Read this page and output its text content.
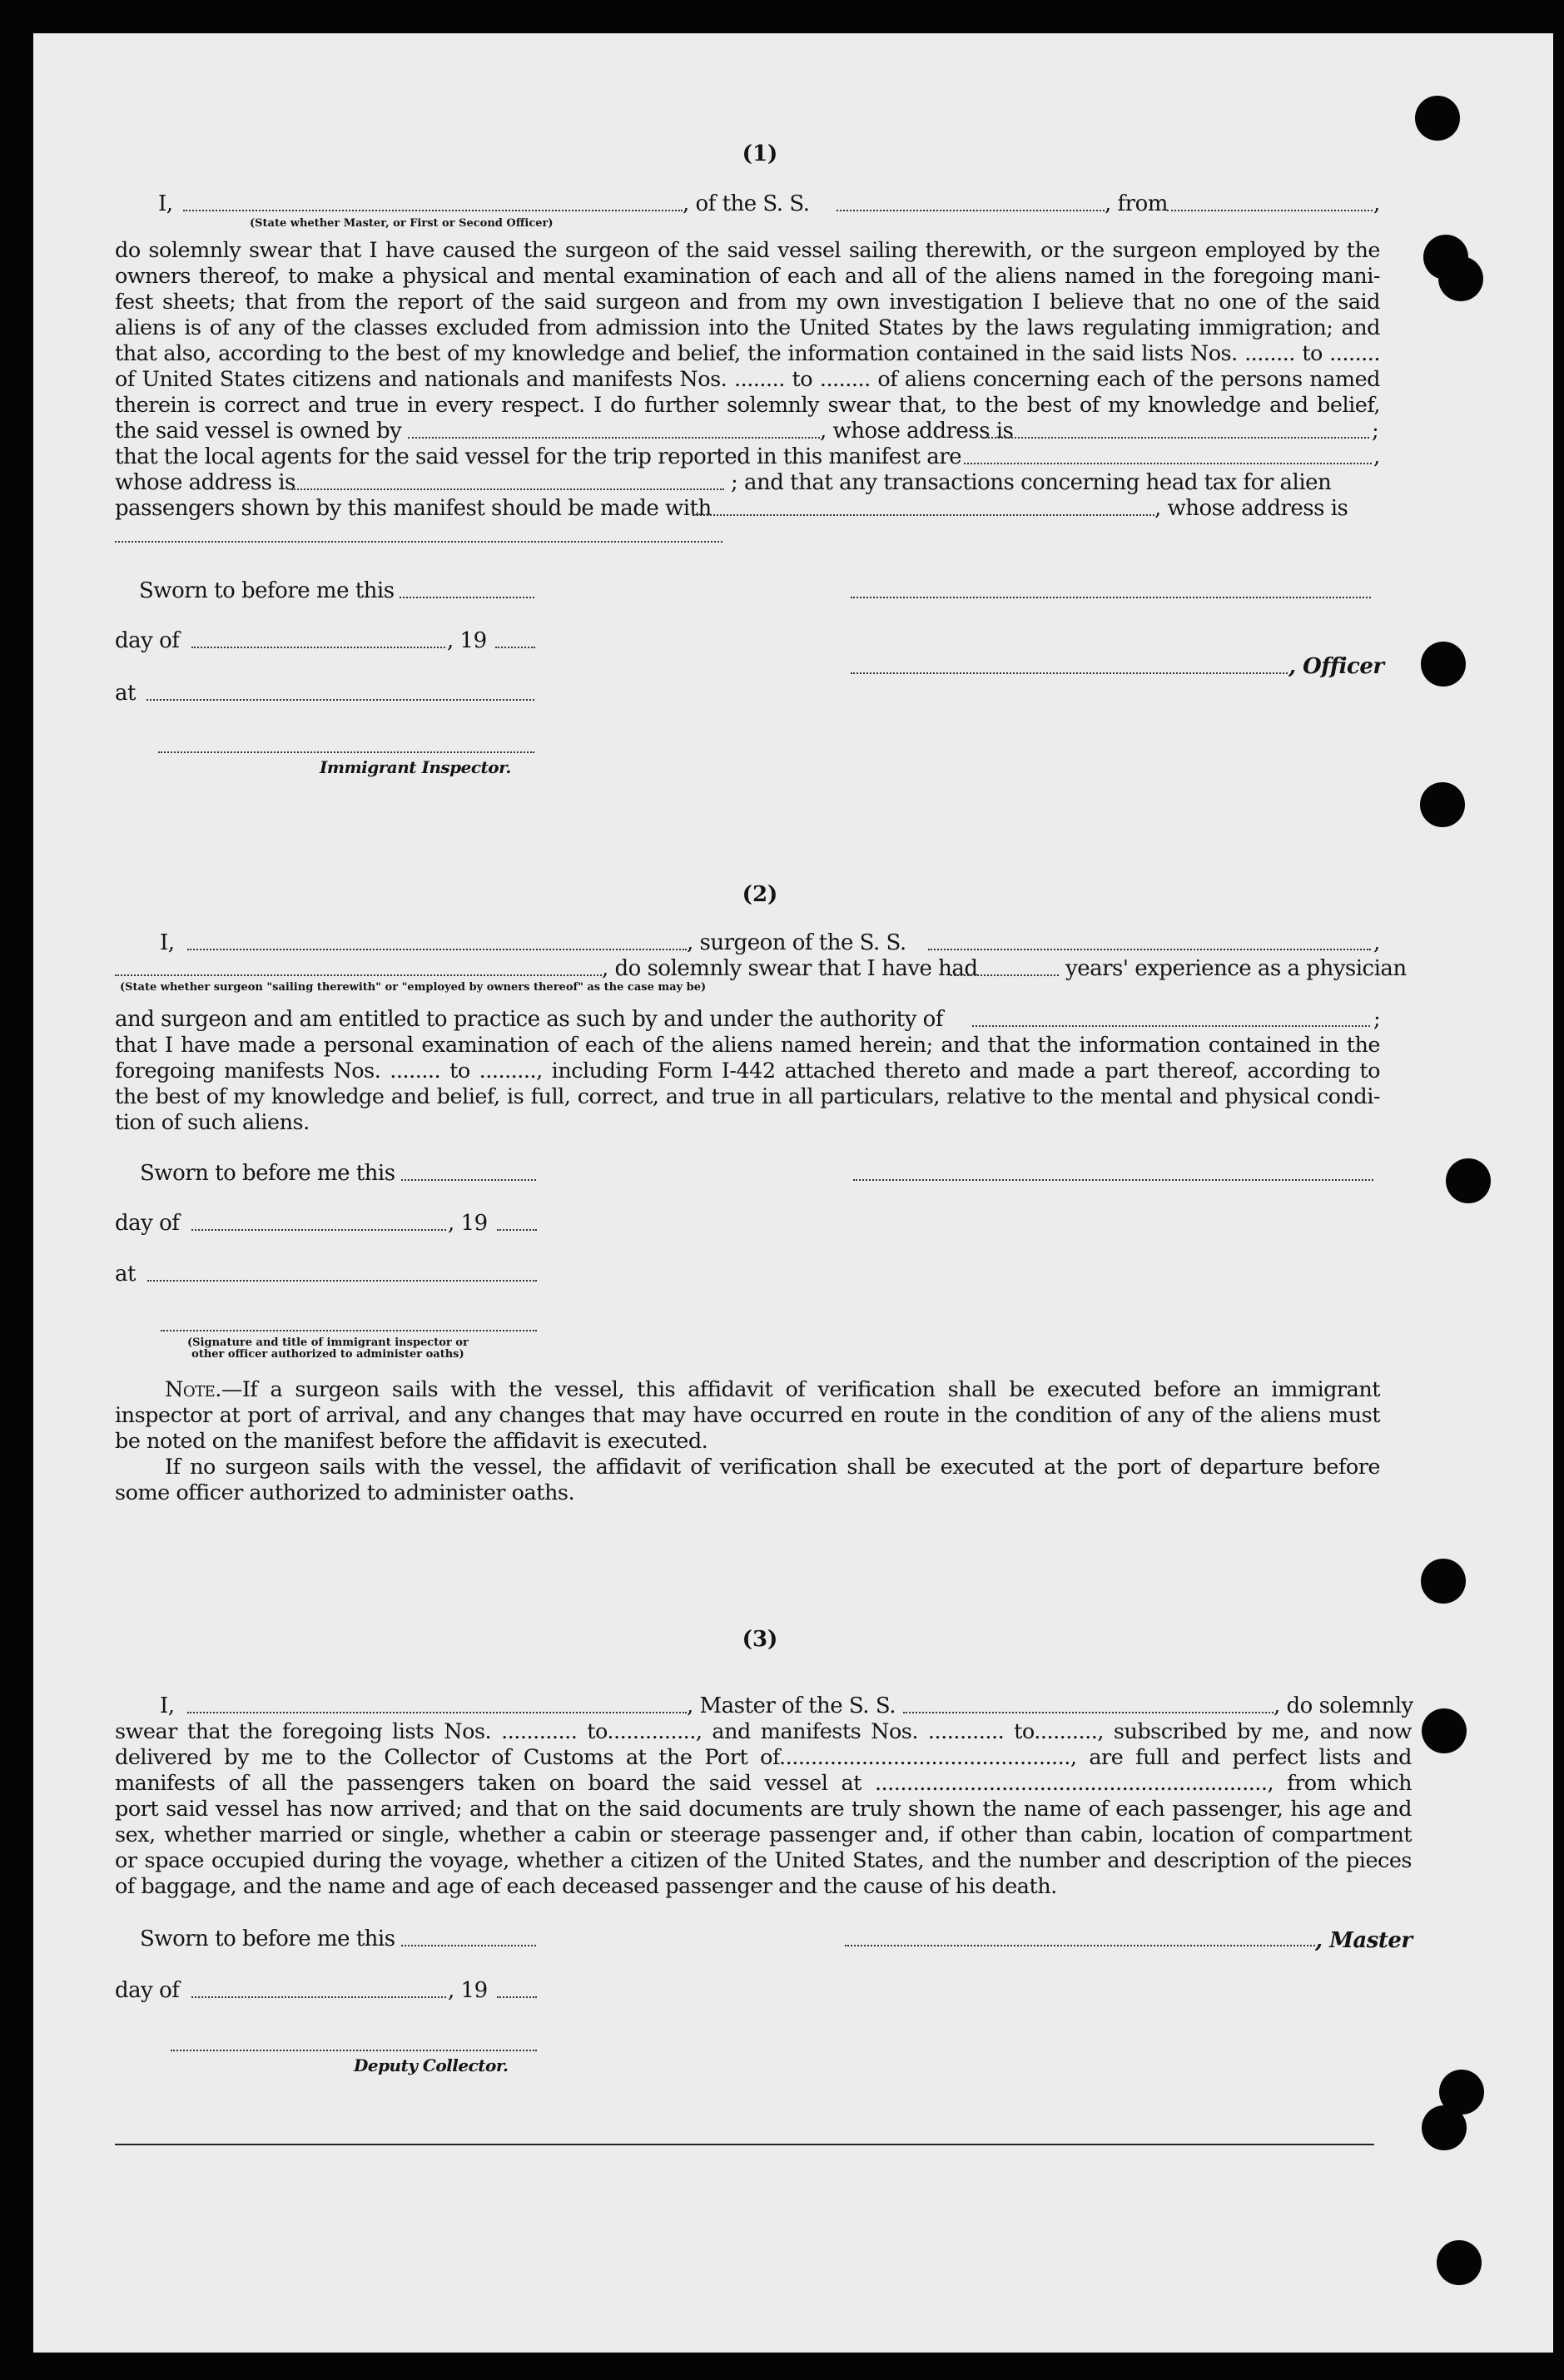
(1)
I,	, of the S. S.	, from	,
(State whether Master, or First or Second Officer)
do solemnly swear that I have caused the surgeon of the said vessel sailing therewith, or the surgeon employed by the
owners thereof, to make a physical and mental examination of each and all of the aliens named in the foregoing mani-
fest sheets; that from the report of the said surgeon and from my own investigation I believe that no one of the said
aliens is of any of the classes excluded from admission into the United States by the laws regulating immigration; and
that also, according to the best of my knowledge and belief, the information contained in the said lists Nos. ........ to ........
of United States citizens and nationals and manifests Nos. ........ to ........ of aliens concerning each of the persons named
therein is correct and true in every respect. I do further solemnly swear that, to the best of my knowledge and belief,
the said vessel is owned by	, whose address is	;
that the local agents for the said vessel for the trip reported in this manifest are	,
whose address is	; and that any transactions concerning head tax for alien
passengers shown by this manifest should be made with	, whose address is
Sworn to before me this
day of	, 19
, Officer
at
Immigrant Inspector.
(2)
I,	, surgeon of the S. S.	,
, do solemnly swear that I have had	years' experience as a physician
(State whether surgeon "sailing therewith" or "employed by owners thereof" as the case may be)
and surgeon and am entitled to practice as such by and under the authority of	;
that I have made a personal examination of each of the aliens named herein; and that the information contained in the
foregoing manifests Nos. ........ to ........., including Form I-442 attached thereto and made a part thereof, according to
the best of my knowledge and belief, is full, correct, and true in all particulars, relative to the mental and physical condi-
tion of such aliens.
Sworn to before me this
day of	, 19
at
(Signature and title of immigrant inspector or
other officer authorized to administer oaths)
Note.—If a surgeon sails with the vessel, this affidavit of verification shall be executed before an immigrant
inspector at port of arrival, and any changes that may have occurred en route in the condition of any of the aliens must
be noted on the manifest before the affidavit is executed.
If no surgeon sails with the vessel, the affidavit of verification shall be executed at the port of departure before
some officer authorized to administer oaths.
(3)
I,	, Master of the S. S.	, do solemnly
swear that the foregoing lists Nos. ............ to.............., and manifests Nos. ............ to.........., subscribed by me, and now
delivered by me to the Collector of Customs at the Port of.............................................., are full and perfect lists and
manifests of all the passengers taken on board the said vessel at .............................................................., from which
port said vessel has now arrived; and that on the said documents are truly shown the name of each passenger, his age and
sex, whether married or single, whether a cabin or steerage passenger and, if other than cabin, location of compartment
or space occupied during the voyage, whether a citizen of the United States, and the number and description of the pieces
of baggage, and the name and age of each deceased passenger and the cause of his death.
Sworn to before me this	, Master
day of	, 19
Deputy Collector.
